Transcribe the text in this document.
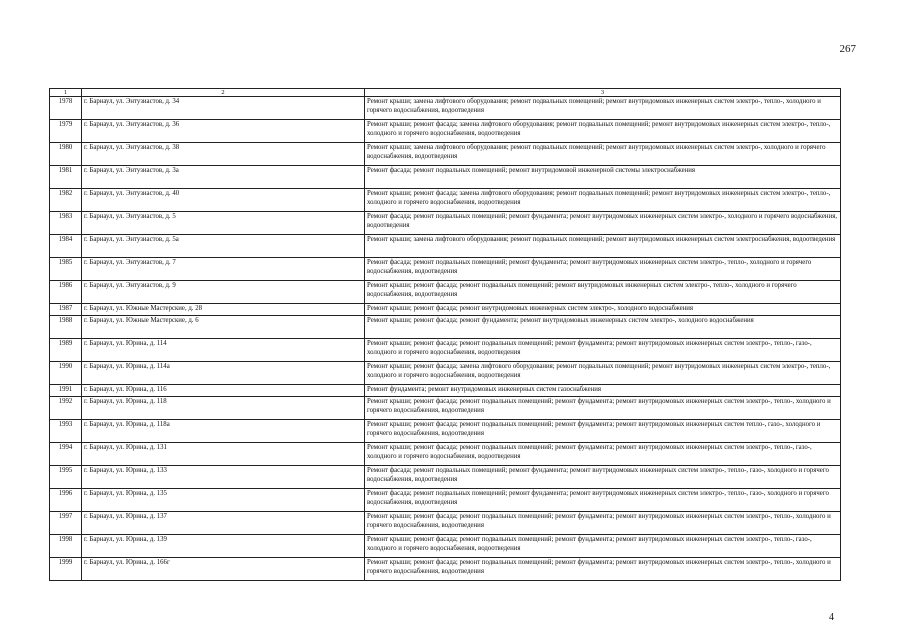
267
1	2	3
1978	г. Барнаул, ул. Энтузиастов, д. 34	Ремонт крыши; замена лифтового оборудования; ремонт подвальных помещений; ремонт внутридомовых инженерных систем электро-, тепло-, холодного и горячего водоснабжения, водоотведения
1979	г. Барнаул, ул. Энтузиастов, д. 36	Ремонт крыши; ремонт фасада; замена лифтового оборудования; ремонт подвальных помещений; ремонт внутридомовых инженерных систем электро-, тепло-, холодного и горячего водоснабжения, водоотведения
1980	г. Барнаул, ул. Энтузиастов, д. 38	Ремонт крыши; замена лифтового оборудования; ремонт подвальных помещений; ремонт внутридомовых инженерных систем электро-, холодного и горячего водоснабжения, водоотведения
1981	г. Барнаул, ул. Энтузиастов, д. 3а	Ремонт фасада; ремонт подвальных помещений; ремонт внутридомовой инженерной системы электроснабжения
1982	г. Барнаул, ул. Энтузиастов, д. 40	Ремонт крыши; ремонт фасада; замена лифтового оборудования; ремонт подвальных помещений; ремонт внутридомовых инженерных систем электро-, тепло-, холодного и горячего водоснабжения, водоотведения
1983	г. Барнаул, ул. Энтузиастов, д. 5	Ремонт фасада; ремонт подвальных помещений; ремонт фундамента; ремонт внутридомовых инженерных систем электро-, холодного и горячего водоснабжения, водоотведения
1984	г. Барнаул, ул. Энтузиастов, д. 5а	Ремонт крыши; замена лифтового оборудования; ремонт подвальных помещений; ремонт внутридомовых инженерных систем электроснабжения, водоотведения
1985	г. Барнаул, ул. Энтузиастов, д. 7	Ремонт фасада; ремонт подвальных помещений; ремонт фундамента; ремонт внутридомовых инженерных систем электро-, тепло-, холодного и горячего водоснабжения, водоотведения
1986	г. Барнаул, ул. Энтузиастов, д. 9	Ремонт крыши; ремонт фасада; ремонт подвальных помещений; ремонт внутридомовых инженерных систем электро-, тепло-, холодного и горячего водоснабжения, водоотведения
1987	г. Барнаул, ул. Южные Мастерские, д. 28	Ремонт крыши; ремонт фасада; ремонт внутридомовых инженерных систем электро-, холодного водоснабжения
1988	г. Барнаул, ул. Южные Мастерские, д. 6	Ремонт крыши; ремонт фасада; ремонт фундамента; ремонт внутридомовых инженерных систем электро-, холодного водоснабжения
1989	г. Барнаул, ул. Юрина, д. 114	Ремонт крыши; ремонт фасада; ремонт подвальных помещений; ремонт фундамента; ремонт внутридомовых инженерных систем электро-, тепло-, газо-, холодного и горячего водоснабжения, водоотведения
1990	г. Барнаул, ул. Юрина, д. 114а	Ремонт крыши; ремонт фасада; замена лифтового оборудования; ремонт подвальных помещений; ремонт внутридомовых инженерных систем электро-, тепло-, холодного и горячего водоснабжения, водоотведения
1991	г. Барнаул, ул. Юрина, д. 116	Ремонт фундамента; ремонт внутридомовых инженерных систем газоснабжения
1992	г. Барнаул, ул. Юрина, д. 118	Ремонт крыши; ремонт фасада; ремонт подвальных помещений; ремонт фундамента; ремонт внутридомовых инженерных систем электро-, тепло-, холодного и горячего водоснабжения, водоотведения
1993	г. Барнаул, ул. Юрина, д. 118а	Ремонт крыши; ремонт фасада; ремонт подвальных помещений; ремонт фундамента; ремонт внутридомовых инженерных систем тепло-, газо-, холодного и горячего водоснабжения, водоотведения
1994	г. Барнаул, ул. Юрина, д. 131	Ремонт крыши; ремонт фасада; ремонт подвальных помещений; ремонт фундамента; ремонт внутридомовых инженерных систем электро-, тепло-, газо-, холодного и горячего водоснабжения, водоотведения
1995	г. Барнаул, ул. Юрина, д. 133	Ремонт фасада; ремонт подвальных помещений; ремонт фундамента; ремонт внутридомовых инженерных систем электро-, тепло-, газо-, холодного и горячего водоснабжения, водоотведения
1996	г. Барнаул, ул. Юрина, д. 135	Ремонт фасада; ремонт подвальных помещений; ремонт фундамента; ремонт внутридомовых инженерных систем электро-, тепло-, газо-, холодного и горячего водоснабжения, водоотведения
1997	г. Барнаул, ул. Юрина, д. 137	Ремонт крыши; ремонт фасада; ремонт подвальных помещений; ремонт фундамента; ремонт внутридомовых инженерных систем электро-, тепло-, холодного и горячего водоснабжения, водоотведения
1998	г. Барнаул, ул. Юрина, д. 139	Ремонт крыши; ремонт фасада; ремонт подвальных помещений; ремонт фундамента; ремонт внутридомовых инженерных систем электро-, тепло-, газо-, холодного и горячего водоснабжения, водоотведения
1999	г. Барнаул, ул. Юрина, д. 166г	Ремонт крыши; ремонт фасада; ремонт подвальных помещений; ремонт фундамента; ремонт внутридомовых инженерных систем электро-, тепло-, холодного и горячего водоснабжения, водоотведения
4
